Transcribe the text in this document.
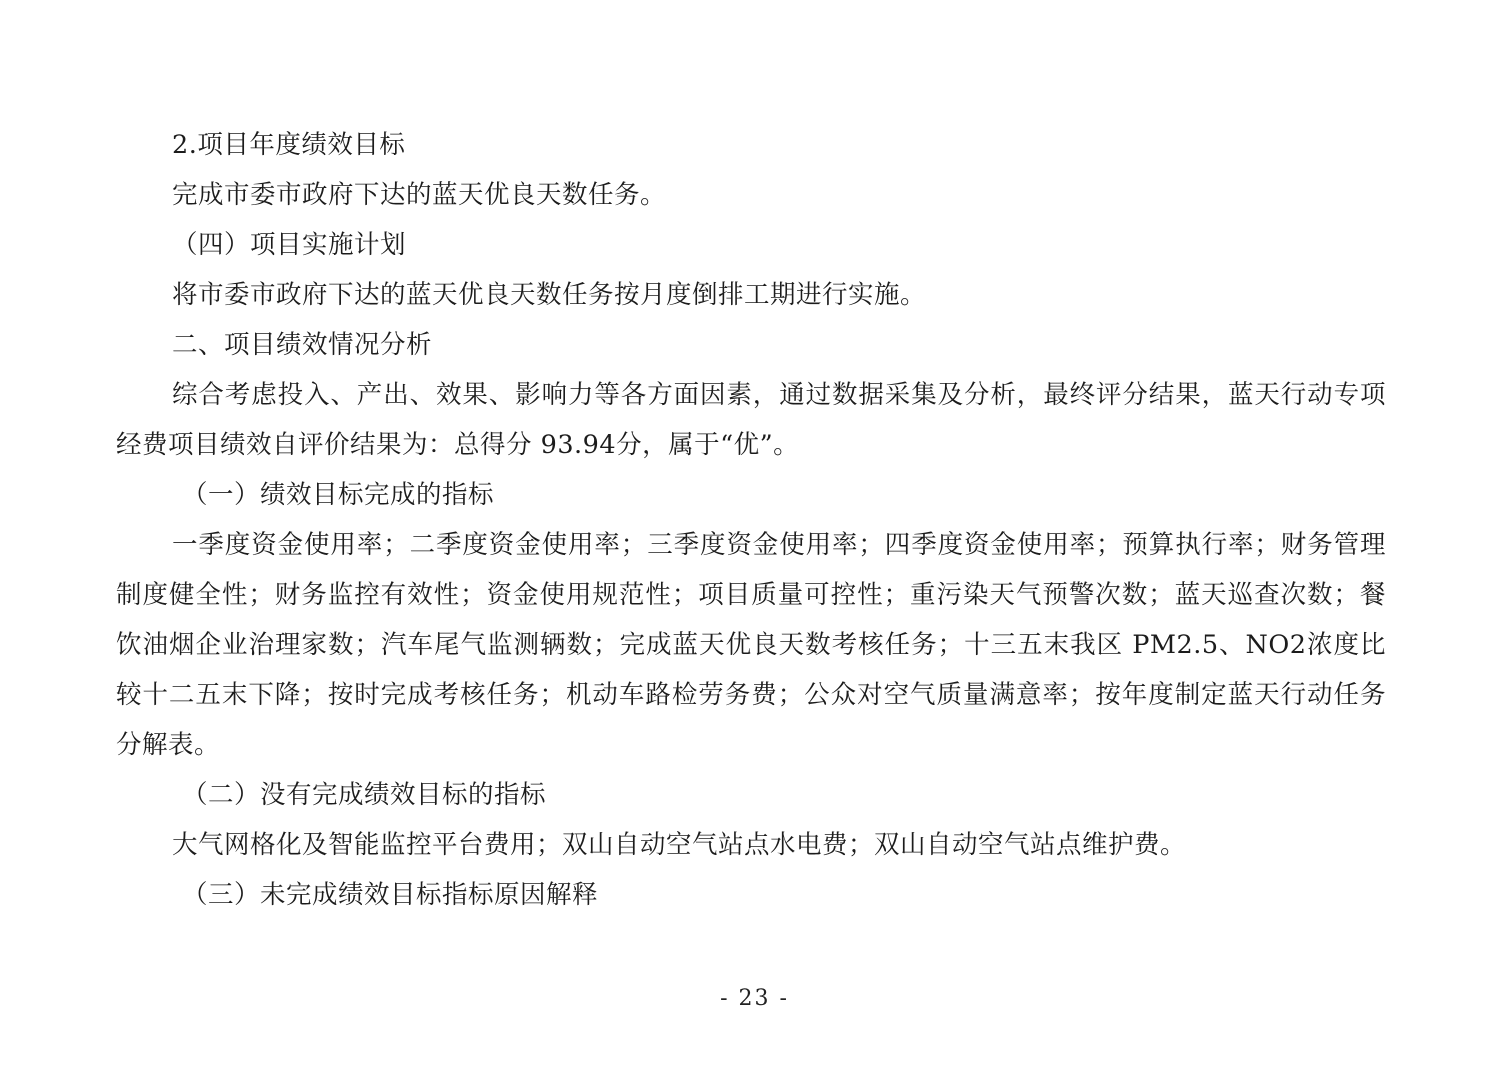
2.项目年度绩效目标

完成市委市政府下达的蓝天优良天数任务。

（四）项目实施计划

将市委市政府下达的蓝天优良天数任务按月度倒排工期进行实施。

二、项目绩效情况分析

综合考虑投入、产出、效果、影响力等各方面因素，通过数据采集及分析，最终评分结果，蓝天行动专项经费项目绩效自评价结果为：总得分 93.94分，属于“优”。

（一）绩效目标完成的指标

一季度资金使用率；二季度资金使用率；三季度资金使用率；四季度资金使用率；预算执行率；财务管理制度健全性；财务监控有效性；资金使用规范性；项目质量可控性；重污染天气预警次数；蓝天巡查次数；餐饮油烟企业治理家数；汽车尾气监测辆数；完成蓝天优良天数考核任务；十三五末我区 PM2.5、NO2浓度比较十二五末下降；按时完成考核任务；机动车路检劳务费；公众对空气质量满意率；按年度制定蓝天行动任务分解表。

（二）没有完成绩效目标的指标

大气网格化及智能监控平台费用；双山自动空气站点水电费；双山自动空气站点维护费。

（三）未完成绩效目标指标原因解释

- 23 -
